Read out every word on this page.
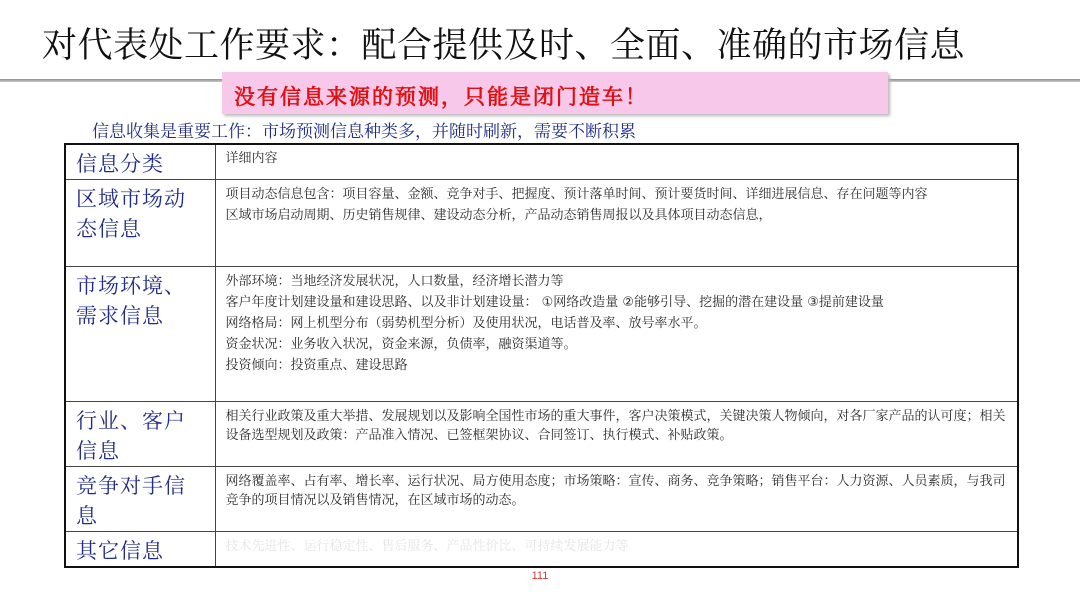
对代表处工作要求：配合提供及时、全面、准确的市场信息
没有信息来源的预测，只能是闭门造车！
信息收集是重要工作：市场预测信息种类多，并随时刷新，需要不断积累
信息分类	详细内容
区域市场动态信息	项目动态信息包含：项目容量、金额、竞争对手、把握度、预计落单时间、预计要货时间、详细进展信息、存在问题等内容
区域市场启动周期、历史销售规律、建设动态分析，产品动态销售周报以及具体项目动态信息，

市场环境、需求信息	外部环境：当地经济发展状况，人口数量，经济增长潜力等
客户年度计划建设量和建设思路、以及非计划建设量： ①网络改造量 ②能够引导、挖掘的潜在建设量 ③提前建设量
网络格局：网上机型分布（弱势机型分析）及使用状况，电话普及率、放号率水平。
资金状况：业务收入状况，资金来源，负债率，融资渠道等。
投资倾向：投资重点、建设思路

行业、客户信息	相关行业政策及重大举措、发展规划以及影响全国性市场的重大事件，客户决策模式，关键决策人物倾向，对各厂家产品的认可度；相关设备选型规划及政策：产品准入情况、已签框架协议、合同签订、执行模式、补贴政策。

竞争对手信息	网络覆盖率、占有率、增长率、运行状况、局方使用态度；市场策略：宣传、商务、竞争策略；销售平台：人力资源、人员素质，与我司竞争的项目情况以及销售情况，在区域市场的动态。

其它信息	技术先进性、运行稳定性、售后服务、产品性价比、可持续发展能力等
111
